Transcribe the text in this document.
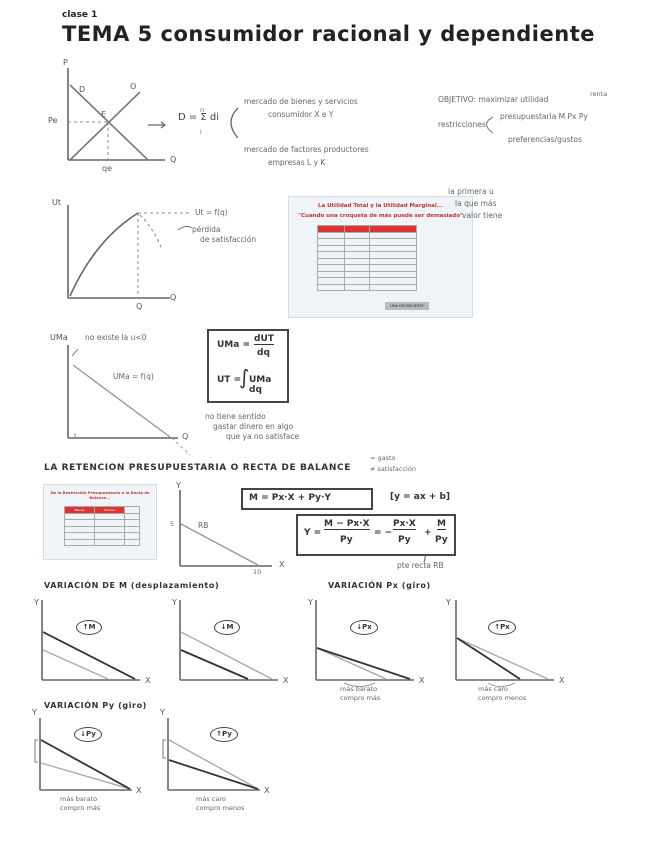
clase 1
TEMA 5 consumidor racional y dependiente
P
Q
D	O
Pe
E
qe
D = Σ di
n
i
mercado de bienes y servicios
consumidor X e Y
mercado de factores productores
empresas L y K
OBJETIVO: maximizar utilidad
renta
restricciones
presupuestaria M Px Py
preferencias/gustos
Ut
Q
Q
Ut = f(q)
pérdida
de satisfacción
La Utilidad Total y la Utilidad Marginal...
"Cuando una croqueta de más puede ser demasiado"

UMa DECRECIENTE
la primera u
la que más
valor tiene
UMa no existe la u<0
UMa = f(q)
Q
1
UMa =
dUT
dq
UT =
∫ UMa dq
no tiene sentido
gastar dinero en algo
que ya no satisface
LA RETENCION PRESUPUESTARIA O RECTA DE BALANCE
= gasto
≠ satisfacción
De la Restricción Presupuestaria a la Recta de Balance...
Bienes	Precios	

Y
X
5
10
RB
M = Px·X + Py·Y	[y = ax + b]
Y =
M − Px·X
Py
= −
Px·X
Py
+
M
Py
pte recta RB
VARIACIÓN DE M (desplazamiento)	VARIACIÓN Px (giro)
VARIACIÓN Py (giro)
Y
X
Y
X
Y
X
Y
X
Y
X
Y
X
↑M	↓M	↓Px	↑Px
↓Py	↑Py
más barato
compro más
más caro
compro menos
más barato
compro más
más caro
compro menos
